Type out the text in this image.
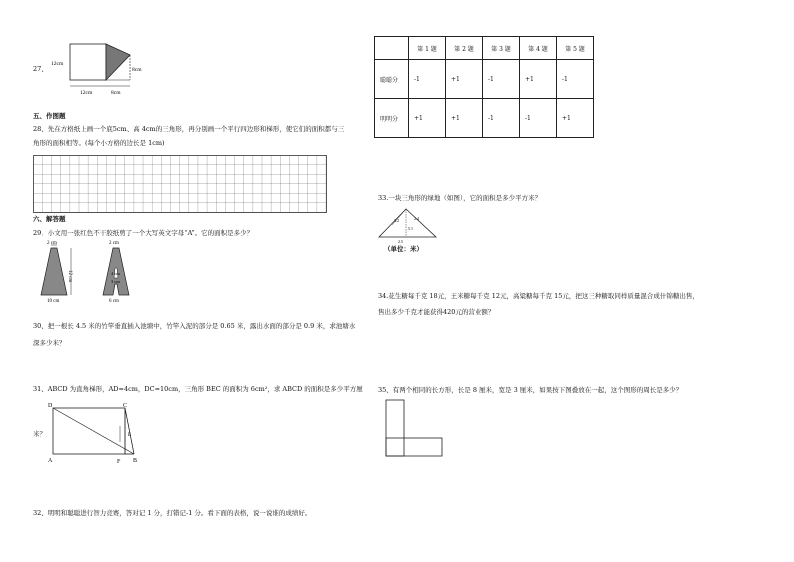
27、
12cm
12cm	8cm
8cm
五、作图题
28、先在方格纸上画一个底5cm、高 4cm的三角形，再分别画一个平行四边形和梯形，使它们的面积都与三
角形的面积相等。(每个小方格的边长是 1cm)
六、解答题
29．小文用一张红色不干胶纸剪了一个大写英文字母“A”。它的面积是多少？
2 cm
12 cm
10 cm
2 cm
4 cm
3 cm
6 cm
30、把一根长 4.5 米的竹竿垂直插入池塘中，竹竿入泥的部分是 0.65 米，露出水面的部分是 0.9 米，求池塘水
深多少米？
31、ABCD 为直角梯形，AD=4cm，DC=10cm，三角形 BEC 的面积为 6cm²，求 ABCD 的面积是多少平方厘
米？
D	C
E
A	F B
32、明明和聪聪进行智力竞赛，答对记 1 分，打错记-1 分。看下面的表格，说一说谁的成绩好。
	第 1 题	第 2 题	第 3 题	第 4 题	第 5 题
聪聪分	-1	+1	-1	+1	-1
明明分	+1	+1	-1	-1	+1
33.一块三角形的绿地（如图），它的面积是多少平方米？
3.2	2.4
5.1
2.5
（单位：米）
34.花生糖每千克 18元，王米糖每千克 12元，高粱糖每千克 15元，把这三种糖取同样质量混合成什锦糖出售，
售出多少千克才能获得420元的营业额？
35、有两个相同的长方形，长是 8 厘米，宽是 3 厘米，如果按下图叠放在一起，这个图形的周长是多少？
